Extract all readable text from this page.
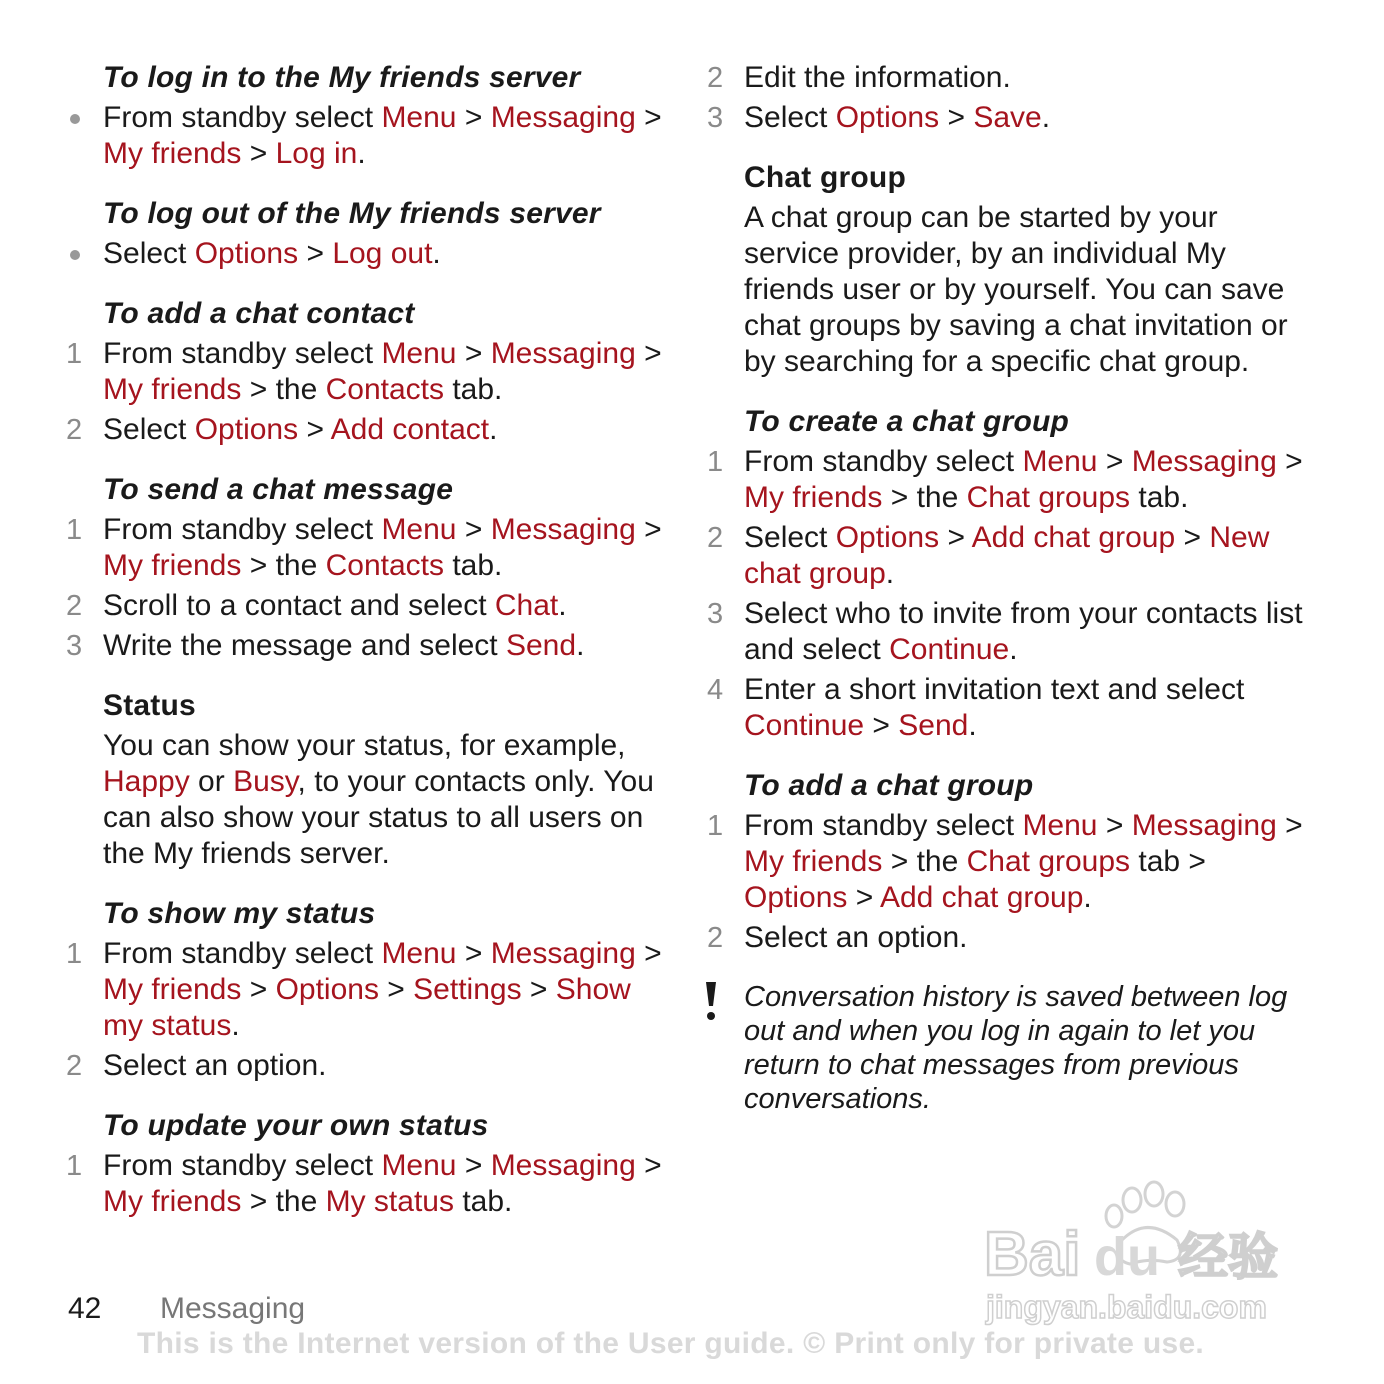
To log in to the My friends server
From standby select Menu > Messaging > My friends > Log in.
To log out of the My friends server
Select Options > Log out.
To add a chat contact
1 From standby select Menu > Messaging > My friends > the Contacts tab.
2 Select Options > Add contact.
To send a chat message
1 From standby select Menu > Messaging > My friends > the Contacts tab.
2 Scroll to a contact and select Chat.
3 Write the message and select Send.
Status

You can show your status, for example, Happy or Busy, to your contacts only. You can also show your status to all users on the My friends server.

To show my status
1 From standby select Menu > Messaging > My friends > Options > Settings > Show my status.
2 Select an option.
To update your own status
1 From standby select Menu > Messaging > My friends > the My status tab.
2 Edit the information.
3 Select Options > Save.
Chat group

A chat group can be started by your service provider, by an individual My friends user or by yourself. You can save chat groups by saving a chat invitation or by searching for a specific chat group.

To create a chat group
1 From standby select Menu > Messaging > My friends > the Chat groups tab.
2 Select Options > Add chat group > New chat group.
3 Select who to invite from your contacts list and select Continue.
4 Enter a short invitation text and select Continue > Send.
To add a chat group
1 From standby select Menu > Messaging > My friends > the Chat groups tab > Options > Add chat group.
2 Select an option.
Conversation history is saved between log out and when you log in again to let you return to chat messages from previous conversations.
Bai du 经验
jingyan.baidu.com
42 Messaging
This is the Internet version of the User guide. © Print only for private use.
